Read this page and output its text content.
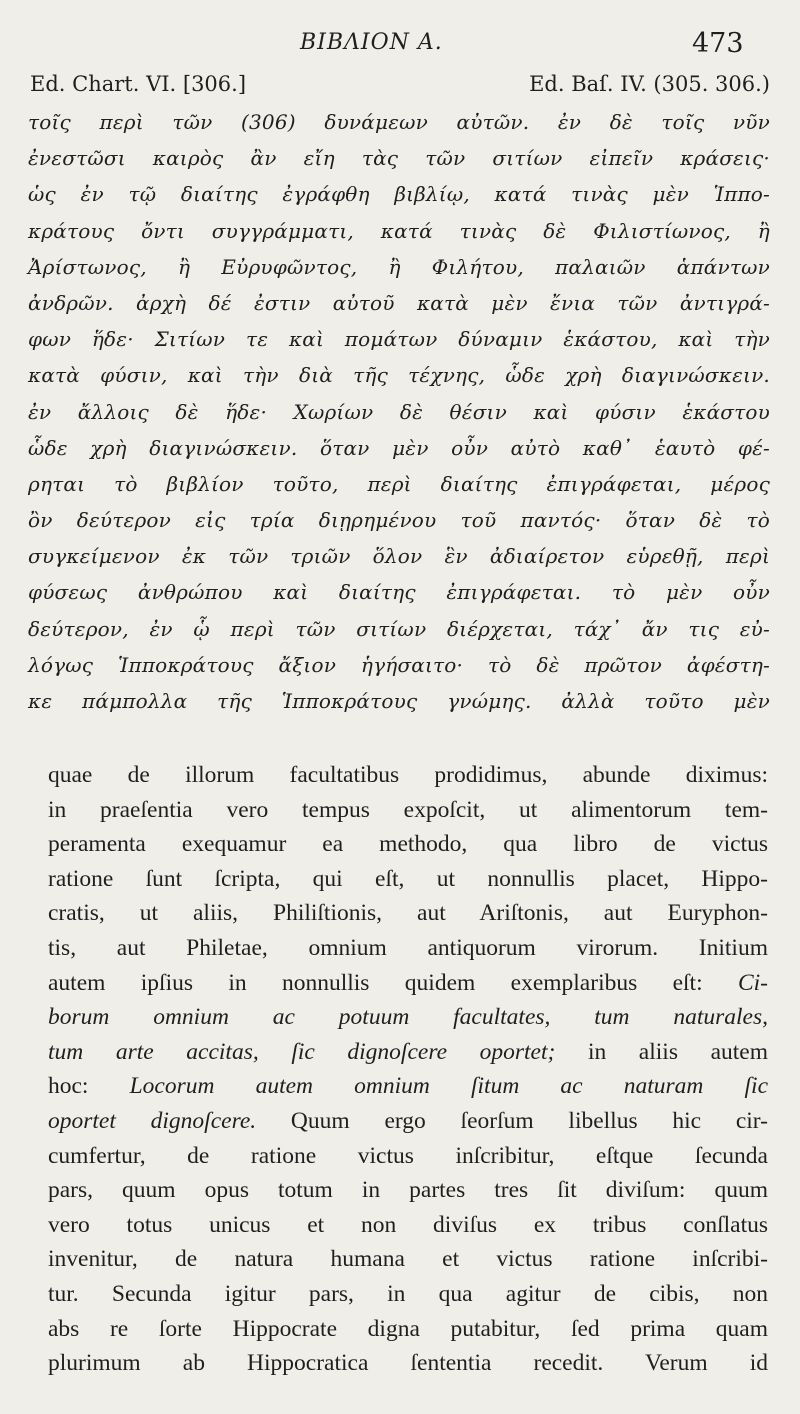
ΒΙΒΛΙΟΝ Α.	473
Ed. Chart. VI. [306.]	Ed. Baſ. IV. (305. 306.)
τοῖς περὶ τῶν (306) δυνάμεων αὐτῶν. ἐν δὲ τοῖς νῦν
ἐνεστῶσι καιρὸς ἂν εἴη τὰς τῶν σιτίων εἰπεῖν κράσεις·
ὡς ἐν τῷ διαίτης ἐγράφθη βιβλίῳ, κατά τινὰς μὲν Ἱππο-
κράτους ὄντι συγγράμματι, κατά τινὰς δὲ Φιλιστίωνος, ἢ
Ἀρίστωνος, ἢ Εὐρυφῶντος, ἢ Φιλήτου, παλαιῶν ἁπάντων
ἀνδρῶν. ἀρχὴ δέ ἐστιν αὐτοῦ κατὰ μὲν ἔνια τῶν ἀντιγρά-
φων ἥδε· Σιτίων τε καὶ πομάτων δύναμιν ἑκάστου, καὶ τὴν
κατὰ φύσιν, καὶ τὴν διὰ τῆς τέχνης, ὧδε χρὴ διαγινώσκειν.
ἐν ἄλλοις δὲ ἥδε· Χωρίων δὲ θέσιν καὶ φύσιν ἑκάστου
ὧδε χρὴ διαγινώσκειν. ὅταν μὲν οὖν αὐτὸ καθ᾽ ἑαυτὸ φέ-
ρηται τὸ βιβλίον τοῦτο, περὶ διαίτης ἐπιγράφεται, μέρος
ὂν δεύτερον εἰς τρία διῃρημένου τοῦ παντός· ὅταν δὲ τὸ
συγκείμενον ἐκ τῶν τριῶν ὅλον ἓν ἀδιαίρετον εὑρεθῇ, περὶ
φύσεως ἀνθρώπου καὶ διαίτης ἐπιγράφεται. τὸ μὲν οὖν
δεύτερον, ἐν ᾧ περὶ τῶν σιτίων διέρχεται, τάχ᾽ ἄν τις εὐ-
λόγως Ἱπποκράτους ἄξιον ἡγήσαιτο· τὸ δὲ πρῶτον ἀφέστη-
κε πάμπολλα τῆς Ἱπποκράτους γνώμης. ἀλλὰ τοῦτο μὲν
quae de illorum facultatibus prodidimus, abunde diximus:
in praeſentia vero tempus expoſcit, ut alimentorum tem-
peramenta exequamur ea methodo, qua libro de victus
ratione ſunt ſcripta, qui eſt, ut nonnullis placet, Hippo-
cratis, ut aliis, Philiſtionis, aut Ariſtonis, aut Euryphon-
tis, aut Philetae, omnium antiquorum virorum. Initium
autem ipſius in nonnullis quidem exemplaribus eſt: Ci-
borum omnium ac potuum facultates, tum naturales,
tum arte accitas, ſic dignoſcere oportet; in aliis autem
hoc: Locorum autem omnium ſitum ac naturam ſic
oportet dignoſcere. Quum ergo ſeorſum libellus hic cir-
cumfertur, de ratione victus inſcribitur, eſtque ſecunda
pars, quum opus totum in partes tres ſit diviſum: quum
vero totus unicus et non diviſus ex tribus conſlatus
invenitur, de natura humana et victus ratione inſcribi-
tur. Secunda igitur pars, in qua agitur de cibis, non
abs re ſorte Hippocrate digna putabitur, ſed prima quam
plurimum ab Hippocratica ſententia recedit. Verum id
